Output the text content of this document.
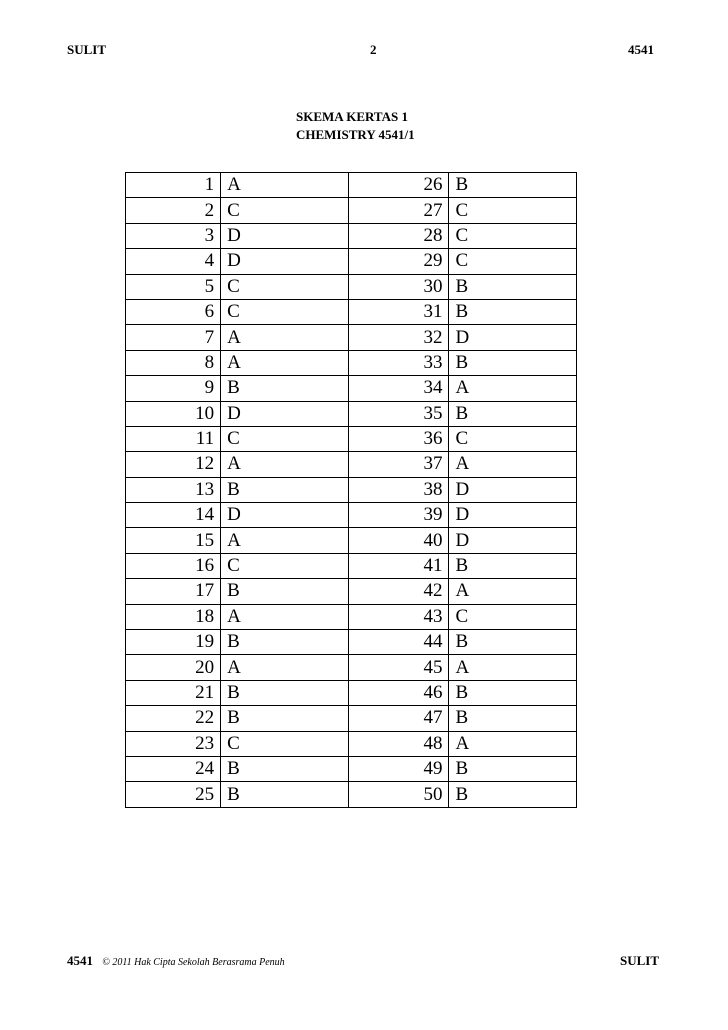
SULIT	2	4541
SKEMA KERTAS 1
CHEMISTRY 4541/1
1	A	26	B
2	C	27	C
3	D	28	C
4	D	29	C
5	C	30	B
6	C	31	B
7	A	32	D
8	A	33	B
9	B	34	A
10	D	35	B
11	C	36	C
12	A	37	A
13	B	38	D
14	D	39	D
15	A	40	D
16	C	41	B
17	B	42	A
18	A	43	C
19	B	44	B
20	A	45	A
21	B	46	B
22	B	47	B
23	C	48	A
24	B	49	B
25	B	50	B
4541 © 2011 Hak Cipta Sekolah Berasrama Penuh	SULIT
